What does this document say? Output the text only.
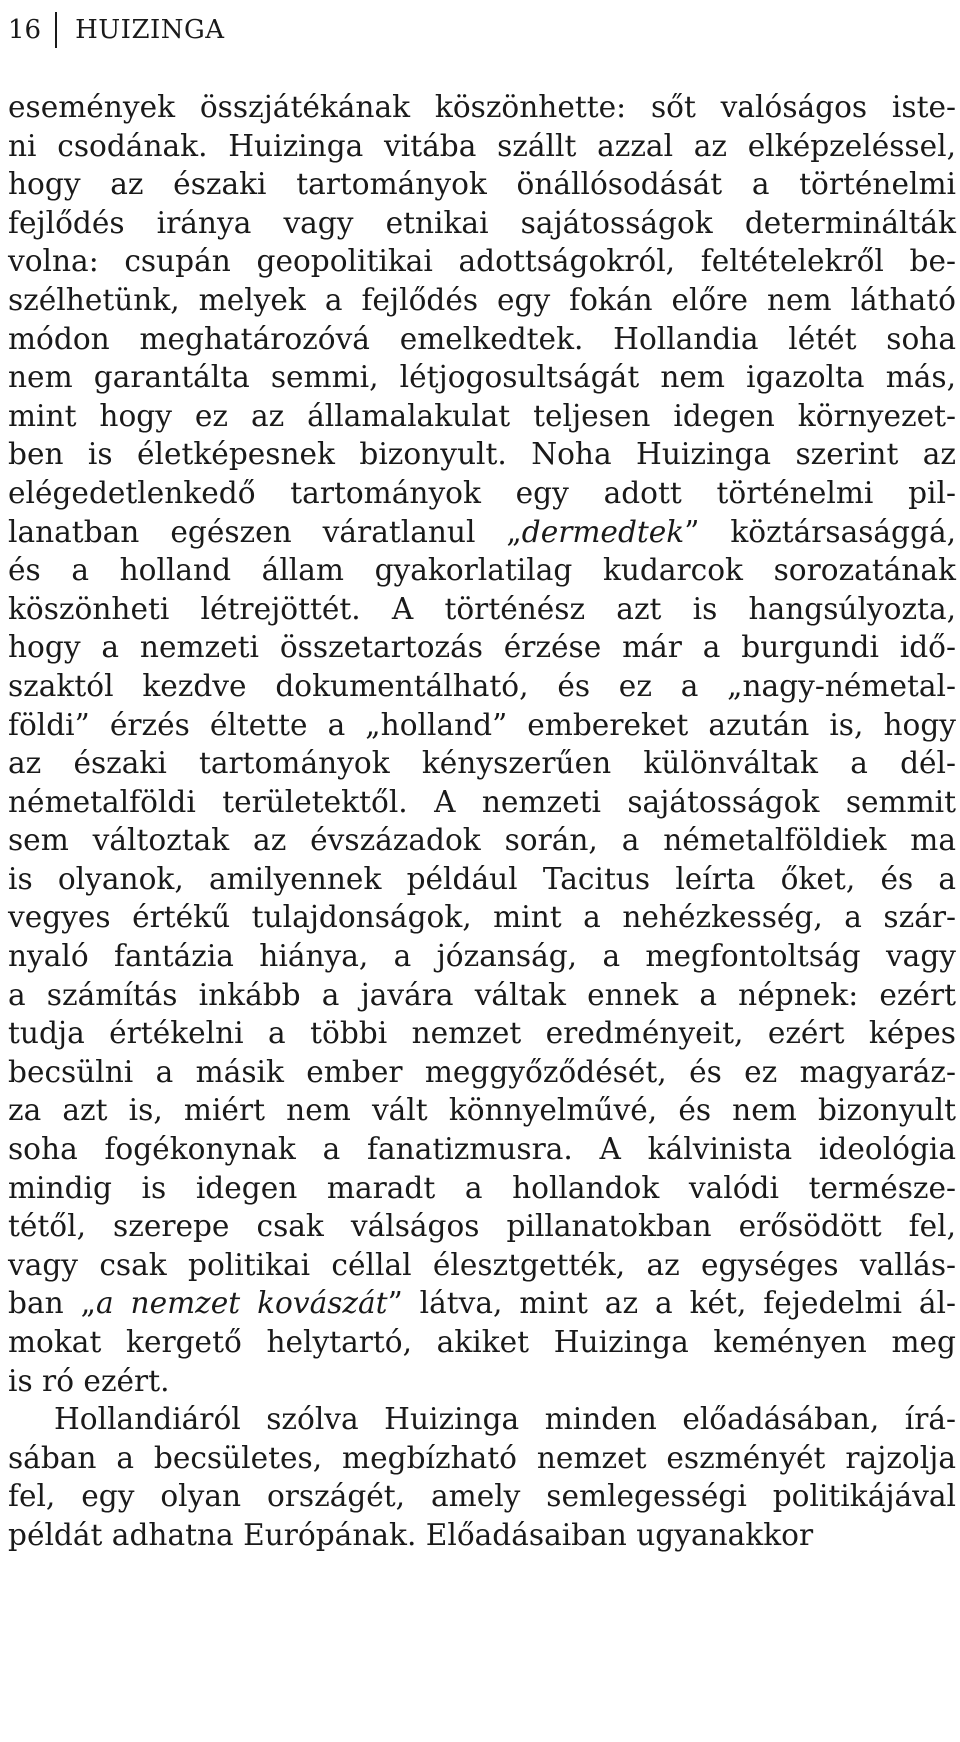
16	HUIZINGA
események összjátékának köszönhette: sőt valóságos iste-
ni csodának. Huizinga vitába szállt azzal az elképzeléssel,
hogy az északi tartományok önállósodását a történelmi
fejlődés iránya vagy etnikai sajátosságok determinálták
volna: csupán geopolitikai adottságokról, feltételekről be-
szélhetünk, melyek a fejlődés egy fokán előre nem látható
módon meghatározóvá emelkedtek. Hollandia létét soha
nem garantálta semmi, létjogosultságát nem igazolta más,
mint hogy ez az államalakulat teljesen idegen környezet-
ben is életképesnek bizonyult. Noha Huizinga szerint az
elégedetlenkedő tartományok egy adott történelmi pil-
lanatban egészen váratlanul „dermedtek” köztársasággá,
és a holland állam gyakorlatilag kudarcok sorozatának
köszönheti létrejöttét. A történész azt is hangsúlyozta,
hogy a nemzeti összetartozás érzése már a burgundi idő-
szaktól kezdve dokumentálható, és ez a „nagy-németal-
földi” érzés éltette a „holland” embereket azután is, hogy
az északi tartományok kényszerűen különváltak a dél-
németalföldi területektől. A nemzeti sajátosságok semmit
sem változtak az évszázadok során, a németalföldiek ma
is olyanok, amilyennek például Tacitus leírta őket, és a
vegyes értékű tulajdonságok, mint a nehézkesség, a szár-
nyaló fantázia hiánya, a józanság, a megfontoltság vagy
a számítás inkább a javára váltak ennek a népnek: ezért
tudja értékelni a többi nemzet eredményeit, ezért képes
becsülni a másik ember meggyőződését, és ez magyaráz-
za azt is, miért nem vált könnyelművé, és nem bizonyult
soha fogékonynak a fanatizmusra. A kálvinista ideológia
mindig is idegen maradt a hollandok valódi természe-
tétől, szerepe csak válságos pillanatokban erősödött fel,
vagy csak politikai céllal élesztgették, az egységes vallás-
ban „a nemzet kovászát” látva, mint az a két, fejedelmi ál-
mokat kergető helytartó, akiket Huizinga keményen meg
is ró ezért.
Hollandiáról szólva Huizinga minden előadásában, írá-
sában a becsületes, megbízható nemzet eszményét rajzolja
fel, egy olyan országét, amely semlegességi politikájával
példát adhatna Európának. Előadásaiban ugyanakkor
